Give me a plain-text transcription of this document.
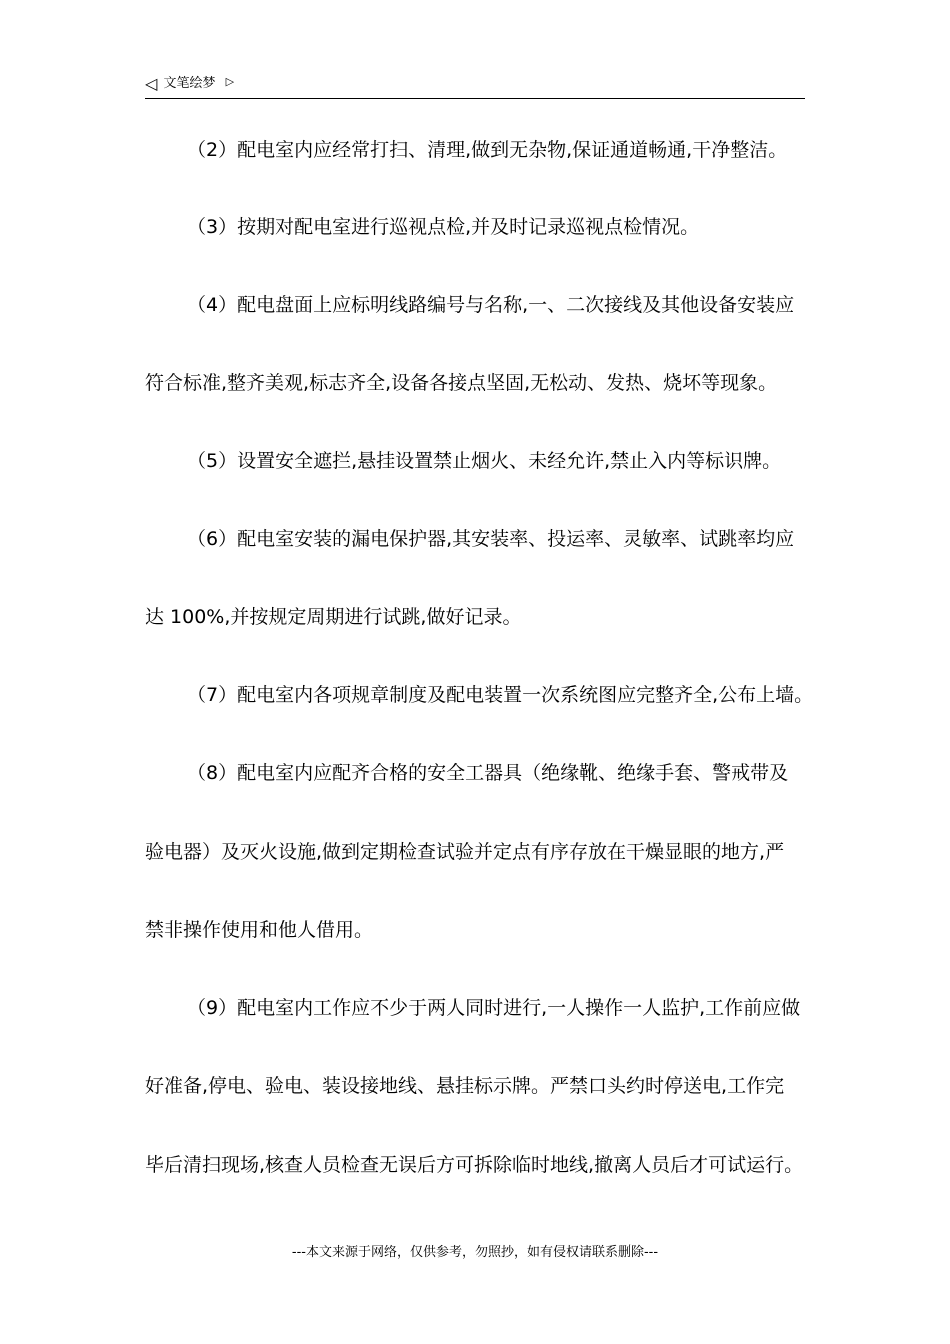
◁ 文笔绘梦 ▷
（2）配电室内应经常打扫、清理,做到无杂物,保证通道畅通,干净整洁。
（3）按期对配电室进行巡视点检,并及时记录巡视点检情况。
（4）配电盘面上应标明线路编号与名称,一、二次接线及其他设备安装应
符合标准,整齐美观,标志齐全,设备各接点坚固,无松动、发热、烧坏等现象。
（5）设置安全遮拦,悬挂设置禁止烟火、未经允许,禁止入内等标识牌。
（6）配电室安装的漏电保护器,其安装率、投运率、灵敏率、试跳率均应
达 100%,并按规定周期进行试跳,做好记录。
（7）配电室内各项规章制度及配电装置一次系统图应完整齐全,公布上墙。
（8）配电室内应配齐合格的安全工器具（绝缘靴、绝缘手套、警戒带及
验电器）及灭火设施,做到定期检查试验并定点有序存放在干燥显眼的地方,严
禁非操作使用和他人借用。
（9）配电室内工作应不少于两人同时进行,一人操作一人监护,工作前应做
好准备,停电、验电、装设接地线、悬挂标示牌。严禁口头约时停送电,工作完
毕后清扫现场,核查人员检查无误后方可拆除临时地线,撤离人员后才可试运行。
---本文来源于网络，仅供参考，勿照抄，如有侵权请联系删除---
